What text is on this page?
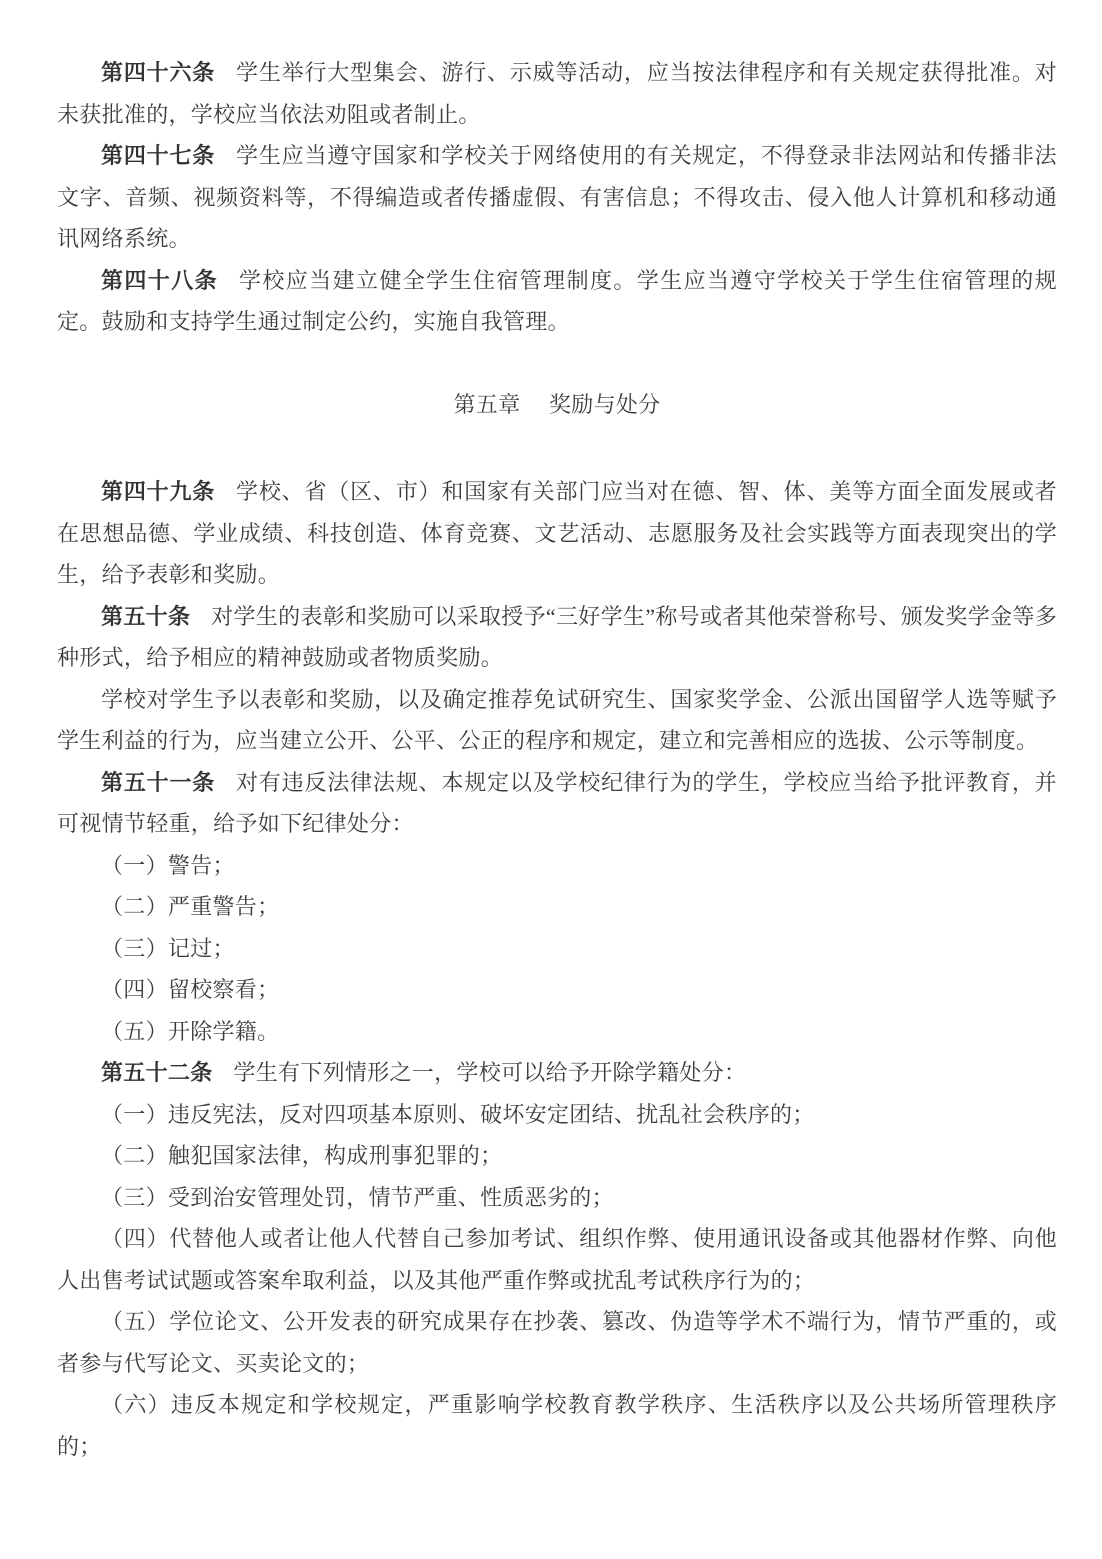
第四十六条 学生举行大型集会、游行、示威等活动，应当按法律程序和有关规定获得批准。对未获批准的，学校应当依法劝阻或者制止。

第四十七条 学生应当遵守国家和学校关于网络使用的有关规定，不得登录非法网站和传播非法文字、音频、视频资料等，不得编造或者传播虚假、有害信息；不得攻击、侵入他人计算机和移动通讯网络系统。

第四十八条 学校应当建立健全学生住宿管理制度。学生应当遵守学校关于学生住宿管理的规定。鼓励和支持学生通过制定公约，实施自我管理。

第五章 奖励与处分

第四十九条 学校、省（区、市）和国家有关部门应当对在德、智、体、美等方面全面发展或者在思想品德、学业成绩、科技创造、体育竞赛、文艺活动、志愿服务及社会实践等方面表现突出的学生，给予表彰和奖励。

第五十条 对学生的表彰和奖励可以采取授予“三好学生”称号或者其他荣誉称号、颁发奖学金等多种形式，给予相应的精神鼓励或者物质奖励。

学校对学生予以表彰和奖励，以及确定推荐免试研究生、国家奖学金、公派出国留学人选等赋予学生利益的行为，应当建立公开、公平、公正的程序和规定，建立和完善相应的选拔、公示等制度。

第五十一条 对有违反法律法规、本规定以及学校纪律行为的学生，学校应当给予批评教育，并可视情节轻重，给予如下纪律处分：

（一）警告；

（二）严重警告；

（三）记过；

（四）留校察看；

（五）开除学籍。

第五十二条 学生有下列情形之一，学校可以给予开除学籍处分：

（一）违反宪法，反对四项基本原则、破坏安定团结、扰乱社会秩序的；

（二）触犯国家法律，构成刑事犯罪的；

（三）受到治安管理处罚，情节严重、性质恶劣的；

（四）代替他人或者让他人代替自己参加考试、组织作弊、使用通讯设备或其他器材作弊、向他人出售考试试题或答案牟取利益，以及其他严重作弊或扰乱考试秩序行为的；

（五）学位论文、公开发表的研究成果存在抄袭、篡改、伪造等学术不端行为，情节严重的，或者参与代写论文、买卖论文的；

（六）违反本规定和学校规定，严重影响学校教育教学秩序、生活秩序以及公共场所管理秩序的；
